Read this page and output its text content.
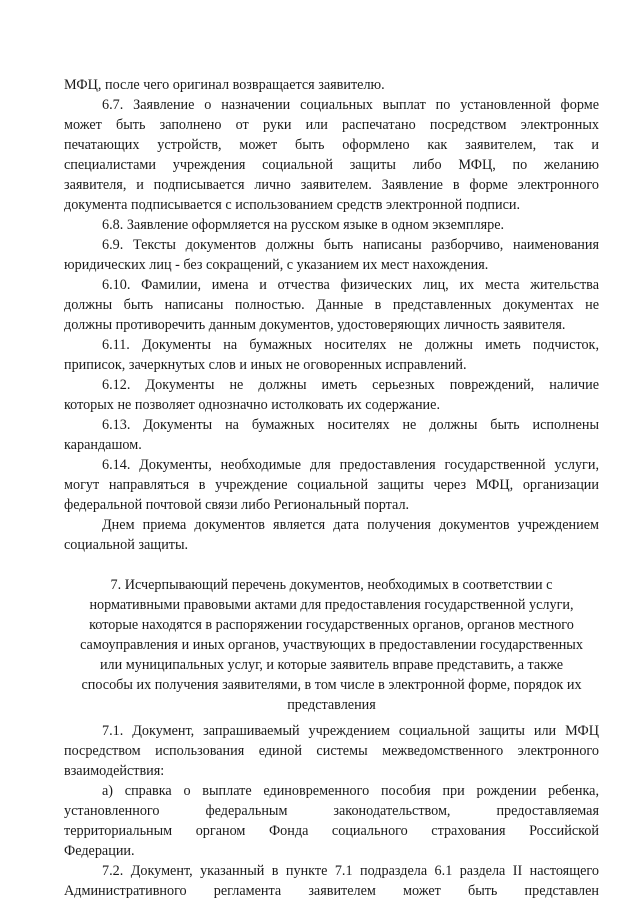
МФЦ, после чего оригинал возвращается заявителю.
6.7. Заявление о назначении социальных выплат по установленной форме
может быть заполнено от руки или распечатано посредством электронных
печатающих устройств, может быть оформлено как заявителем, так и
специалистами учреждения социальной защиты либо МФЦ, по желанию
заявителя, и подписывается лично заявителем. Заявление в форме электронного
документа подписывается с использованием средств электронной подписи.
6.8. Заявление оформляется на русском языке в одном экземпляре.
6.9. Тексты документов должны быть написаны разборчиво, наименования
юридических лиц - без сокращений, с указанием их мест нахождения.
6.10. Фамилии, имена и отчества физических лиц, их места жительства
должны быть написаны полностью. Данные в представленных документах не
должны противоречить данным документов, удостоверяющих личность заявителя.
6.11. Документы на бумажных носителях не должны иметь подчисток,
приписок, зачеркнутых слов и иных не оговоренных исправлений.
6.12. Документы не должны иметь серьезных повреждений, наличие
которых не позволяет однозначно истолковать их содержание.
6.13. Документы на бумажных носителях не должны быть исполнены
карандашом.
6.14. Документы, необходимые для предоставления государственной услуги,
могут направляться в учреждение социальной защиты через МФЦ, организации
федеральной почтовой связи либо Региональный портал.
Днем приема документов является дата получения документов учреждением
социальной защиты.
7. Исчерпывающий перечень документов, необходимых в соответствии с
нормативными правовыми актами для предоставления государственной услуги,
которые находятся в распоряжении государственных органов, органов местного
самоуправления и иных органов, участвующих в предоставлении государственных
или муниципальных услуг, и которые заявитель вправе представить, а также
способы их получения заявителями, в том числе в электронной форме, порядок их
представления
7.1. Документ, запрашиваемый учреждением социальной защиты или МФЦ
посредством использования единой системы межведомственного электронного
взаимодействия:
а) справка о выплате единовременного пособия при рождении ребенка,
установленного федеральным законодательством, предоставляемая
территориальным органом Фонда социального страхования Российской
Федерации.
7.2. Документ, указанный в пункте 7.1 подраздела 6.1 раздела II настоящего
Административного регламента заявителем может быть представлен
